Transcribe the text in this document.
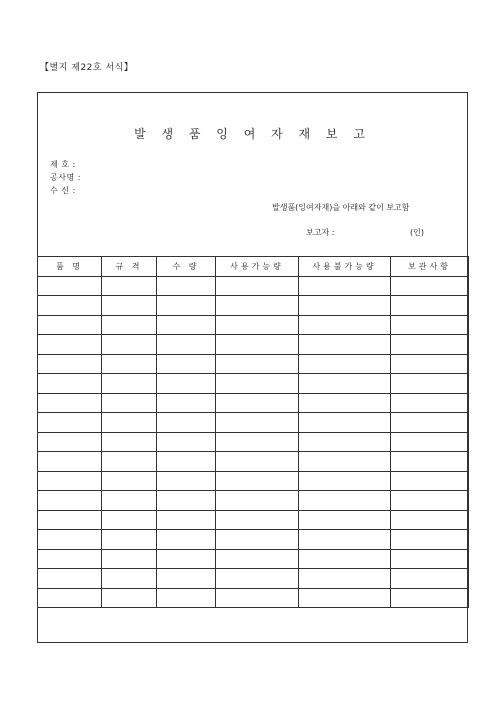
【별지 제22호 서식】
발 생 품 잉 여 자 재 보 고
제 호 :
공사명 :
수 신 :
발생품(잉여자재)을 아래와 같이 보고함
보고자 :	(인)
품 명	규 격	수 량	사용가능량	사용불가능량	보관사항
